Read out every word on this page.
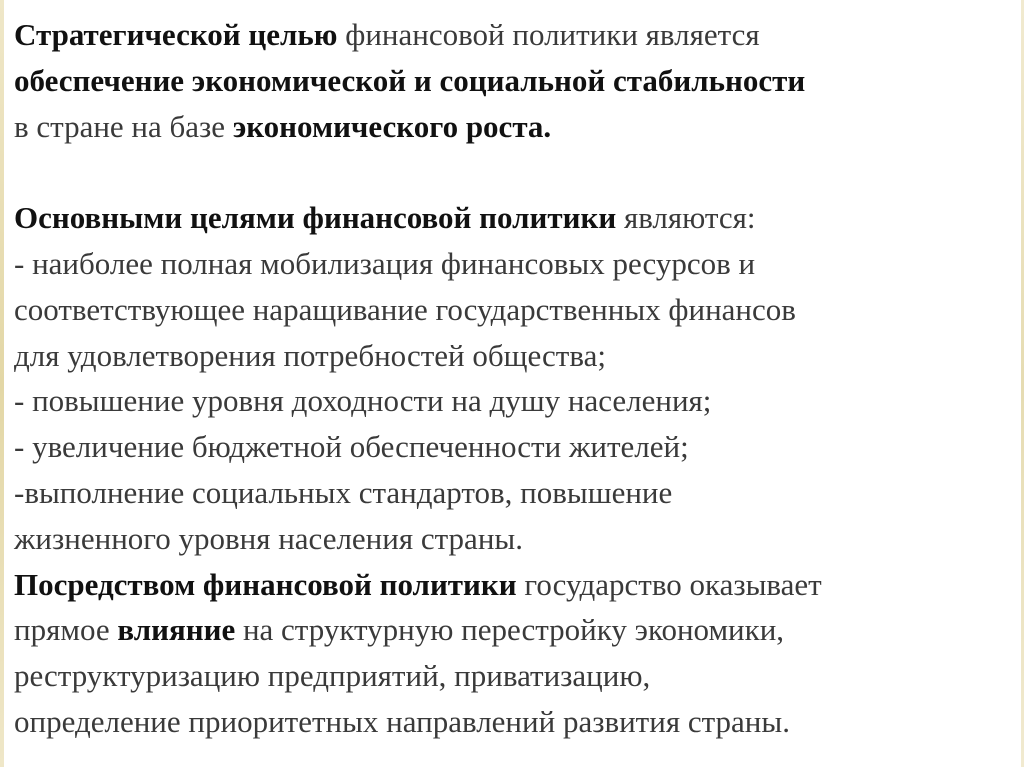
Стратегической целью финансовой политики является
обеспечение экономической и социальной стабильности
в стране на базе экономического роста.
Основными целями финансовой политики являются:
- наиболее полная мобилизация финансовых ресурсов и
соответствующее наращивание государственных финансов
для удовлетворения потребностей общества;
- повышение уровня доходности на душу населения;
- увеличение бюджетной обеспеченности жителей;
-выполнение социальных стандартов, повышение
жизненного уровня населения страны.
Посредством финансовой политики государство оказывает
прямое влияние на структурную перестройку экономики,
реструктуризацию предприятий, приватизацию,
определение приоритетных направлений развития страны.
